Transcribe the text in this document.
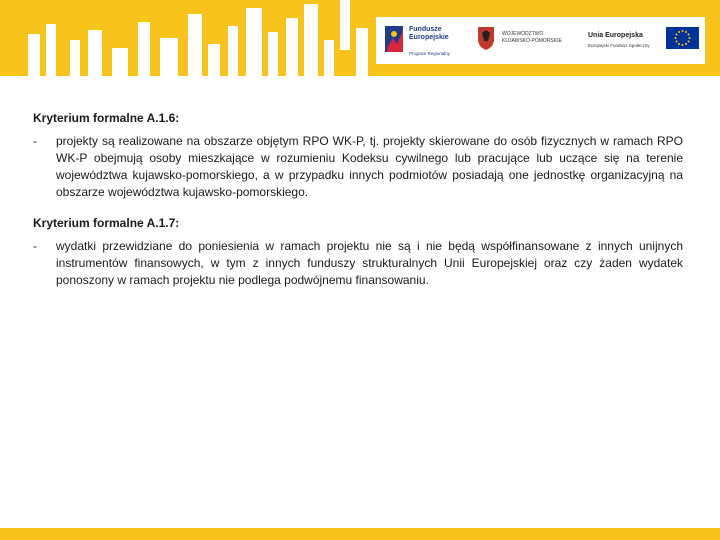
Fundusze Europejskie
Program Regionalny
WOJEWÓDZTWO KUJAWSKO-POMORSKIE
Unia Europejska
Europejski Fundusz Społeczny
Kryterium formalne A.1.6:
- projekty są realizowane na obszarze objętym RPO WK-P, tj. projekty skierowane do osób fizycznych w ramach RPO WK-P obejmują osoby mieszkające w rozumieniu Kodeksu cywilnego lub pracujące lub uczące się na terenie województwa kujawsko-pomorskiego, a w przypadku innych podmiotów posiadają one jednostkę organizacyjną na obszarze województwa kujawsko-pomorskiego.
Kryterium formalne A.1.7:
- wydatki przewidziane do poniesienia w ramach projektu nie są i nie będą współfinansowane z innych unijnych instrumentów finansowych, w tym z innych funduszy strukturalnych Unii Europejskiej oraz czy żaden wydatek ponoszony w ramach projektu nie podlega podwójnemu finansowaniu.
